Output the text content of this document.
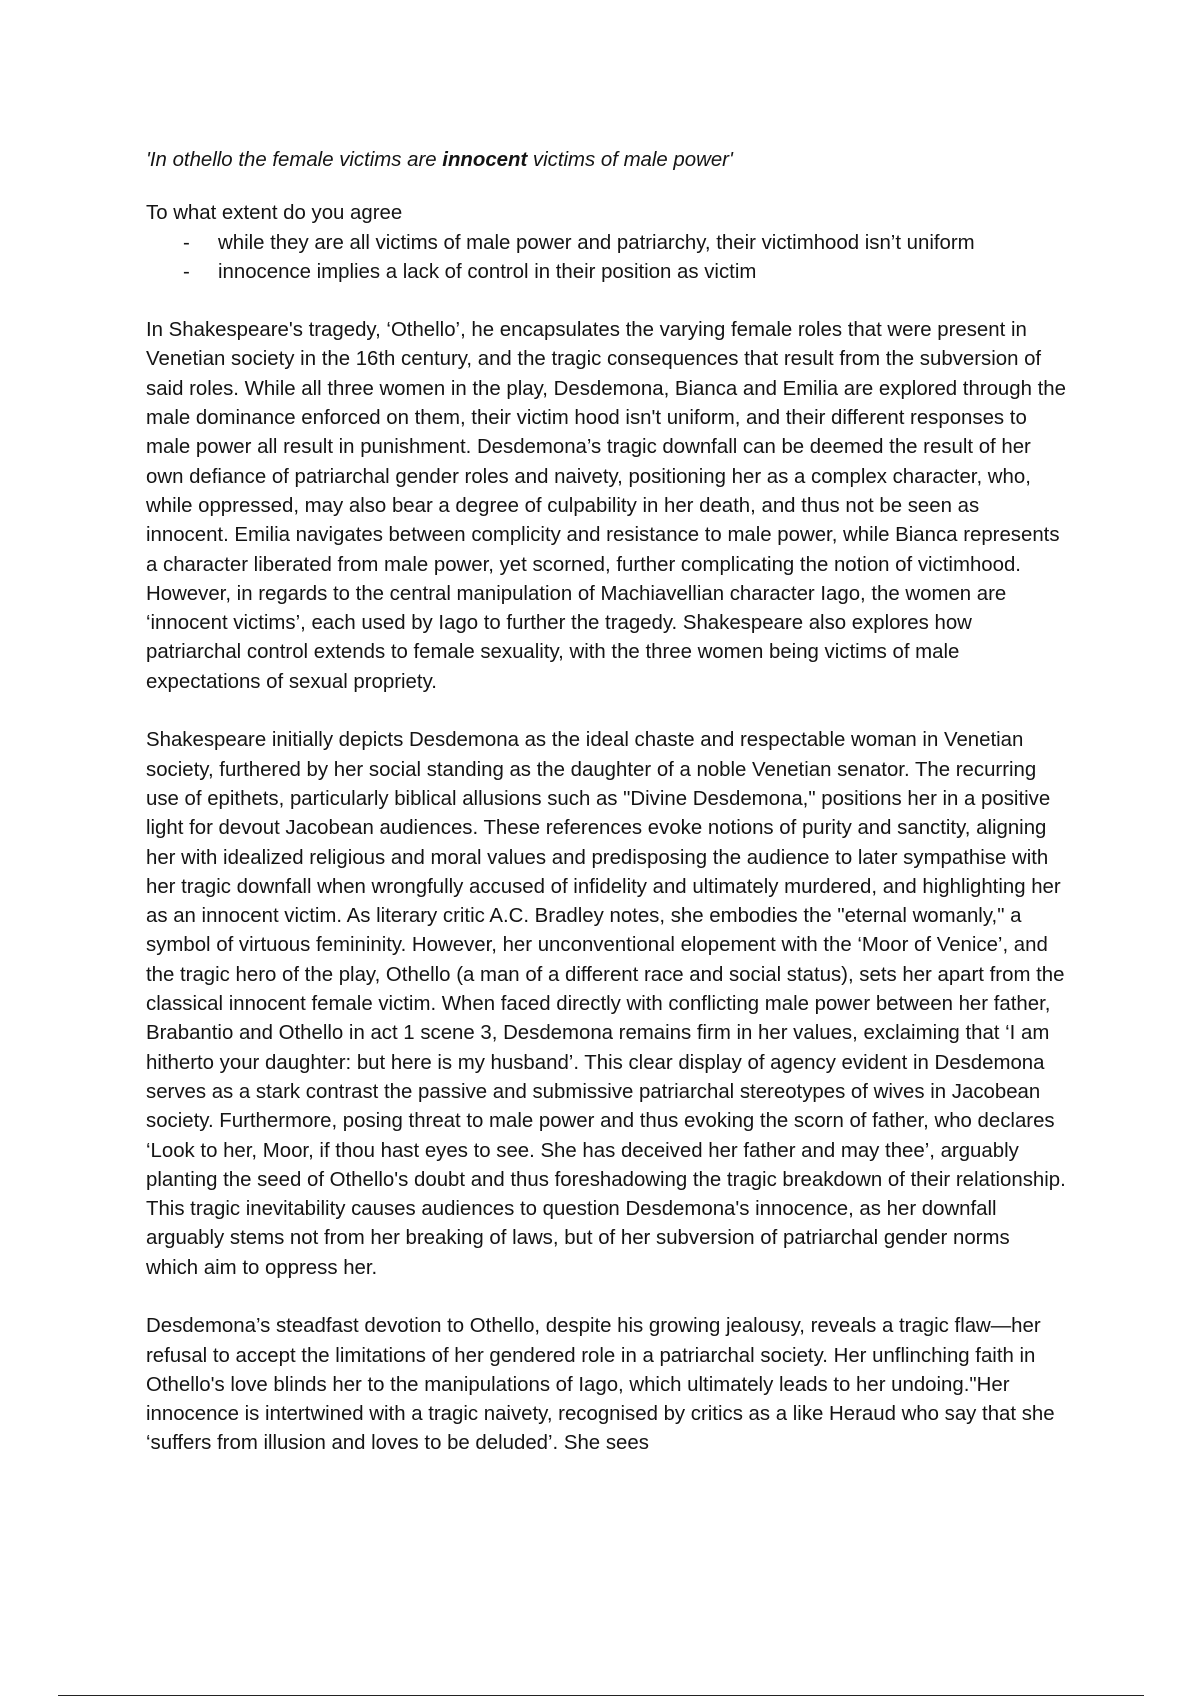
'In othello the female victims are innocent victims of male power'

To what extent do you agree

- while they are all victims of male power and patriarchy, their victimhood isn’t uniform
- innocence implies a lack of control in their position as victim

In Shakespeare's tragedy, ‘Othello’, he encapsulates the varying female roles that were present in Venetian society in the 16th century, and the tragic consequences that result from the subversion of said roles. While all three women in the play, Desdemona, Bianca and Emilia are explored through the male dominance enforced on them, their victim hood isn't uniform, and their different responses to male power all result in punishment. Desdemona’s tragic downfall can be deemed the result of her own defiance of patriarchal gender roles and naivety, positioning her as a complex character, who, while oppressed, may also bear a degree of culpability in her death, and thus not be seen as innocent. Emilia navigates between complicity and resistance to male power, while Bianca represents a character liberated from male power, yet scorned, further complicating the notion of victimhood. However, in regards to the central manipulation of Machiavellian character Iago, the women are ‘innocent victims’, each used by Iago to further the tragedy. Shakespeare also explores how patriarchal control extends to female sexuality, with the three women being victims of male expectations of sexual propriety.

Shakespeare initially depicts Desdemona as the ideal chaste and respectable woman in Venetian society, furthered by her social standing as the daughter of a noble Venetian senator. The recurring use of epithets, particularly biblical allusions such as "Divine Desdemona," positions her in a positive light for devout Jacobean audiences. These references evoke notions of purity and sanctity, aligning her with idealized religious and moral values and predisposing the audience to later sympathise with her tragic downfall when wrongfully accused of infidelity and ultimately murdered, and highlighting her as an innocent victim. As literary critic A.C. Bradley notes, she embodies the "eternal womanly," a symbol of virtuous femininity. However, her unconventional elopement with the ‘Moor of Venice’, and the tragic hero of the play, Othello (a man of a different race and social status), sets her apart from the classical innocent female victim. When faced directly with conflicting male power between her father, Brabantio and Othello in act 1 scene 3, Desdemona remains firm in her values, exclaiming that ‘I am hitherto your daughter: but here is my husband’. This clear display of agency evident in Desdemona serves as a stark contrast the passive and submissive patriarchal stereotypes of wives in Jacobean society. Furthermore, posing threat to male power and thus evoking the scorn of father, who declares ‘Look to her, Moor, if thou hast eyes to see. She has deceived her father and may thee’, arguably planting the seed of Othello's doubt and thus foreshadowing the tragic breakdown of their relationship. This tragic inevitability causes audiences to question Desdemona's innocence, as her downfall arguably stems not from her breaking of laws, but of her subversion of patriarchal gender norms which aim to oppress her.

Desdemona’s steadfast devotion to Othello, despite his growing jealousy, reveals a tragic flaw—her refusal to accept the limitations of her gendered role in a patriarchal society. Her unflinching faith in Othello's love blinds her to the manipulations of Iago, which ultimately leads to her undoing."Her innocence is intertwined with a tragic naivety, recognised by critics as a like Heraud who say that she ‘suffers from illusion and loves to be deluded’. She sees
